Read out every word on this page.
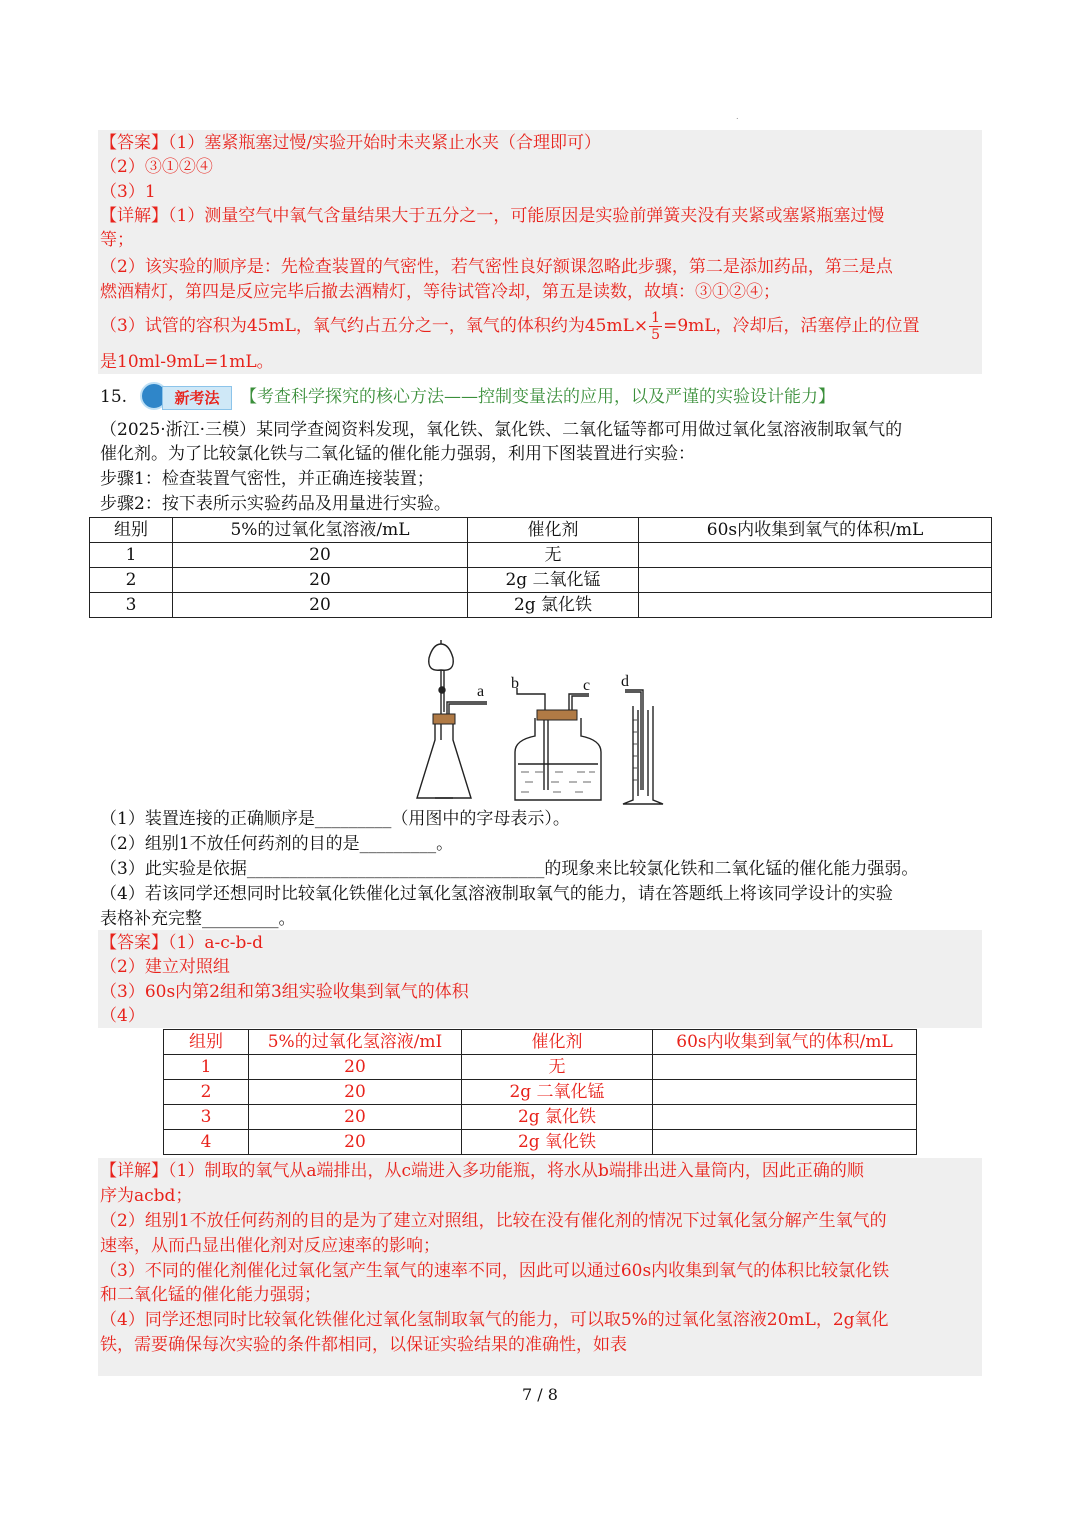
.
【答案】（1）塞紧瓶塞过慢/实验开始时未夹紧止水夹（合理即可）
（2）③①②④
（3）1
【详解】（1）测量空气中氧气含量结果大于五分之一，可能原因是实验前弹簧夹没有夹紧或塞紧瓶塞过慢
等；
（2）该实验的顺序是：先检查装置的气密性，若气密性良好额课忽略此步骤，第二是添加药品，第三是点
燃酒精灯，第四是反应完毕后撤去酒精灯，等待试管冷却，第五是读数，故填：③①②④；
（3）试管的容积为45mL，氧气约占五分之一，氧气的体积约为$45mL\times \frac{1}{5} =9mL$，冷却后，活塞停止的位置
是10ml-9mL=1mL。
15.	新考法	【考查科学探究的核心方法——控制变量法的应用，以及严谨的实验设计能力】
（2025·浙江·三模）某同学查阅资料发现，氧化铁、氯化铁、二氧化锰等都可用做过氧化氢溶液制取氧气的
催化剂。为了比较氯化铁与二氧化锰的催化能力强弱，利用下图装置进行实验：
步骤1：检查装置气密性，并正确连接装置；
步骤2：按下表所示实验药品及用量进行实验。
组别	5%的过氧化氢溶液/mL	催化剂	60s内收集到氧气的体积/mL
1	20	无	
2	20	2g 二氧化锰	
3	20	2g 氯化铁	
a b	c d
（1）装置连接的正确顺序是_________（用图中的字母表示）。
（2）组别1不放任何药剂的目的是_________。
（3）此实验是依据___________________________________的现象来比较氯化铁和二氧化锰的催化能力强弱。
（4）若该同学还想同时比较氧化铁催化过氧化氢溶液制取氧气的能力，请在答题纸上将该同学设计的实验
表格补充完整_________。
【答案】（1）a-c-b-d
（2）建立对照组
（3）60s内第2组和第3组实验收集到氧气的体积
（4）
组别	5%的过氧化氢溶液/mI	催化剂	60s内收集到氧气的体积/mL
1	20	无	
2	20	2g 二氧化锰	
3	20	2g 氯化铁	
4	20	2g 氧化铁	
【详解】（1）制取的氧气从a端排出，从c端进入多功能瓶，将水从b端排出进入量筒内，因此正确的顺
序为acbd；
（2）组别1不放任何药剂的目的是为了建立对照组，比较在没有催化剂的情况下过氧化氢分解产生氧气的
速率，从而凸显出催化剂对反应速率的影响；
（3）不同的催化剂催化过氧化氢产生氧气的速率不同，因此可以通过60s内收集到氧气的体积比较氯化铁
和二氧化锰的催化能力强弱；
（4）同学还想同时比较氧化铁催化过氧化氢制取氧气的能力，可以取5%的过氧化氢溶液20mL，2g氧化
铁，需要确保每次实验的条件都相同，以保证实验结果的准确性，如表
7 / 8
